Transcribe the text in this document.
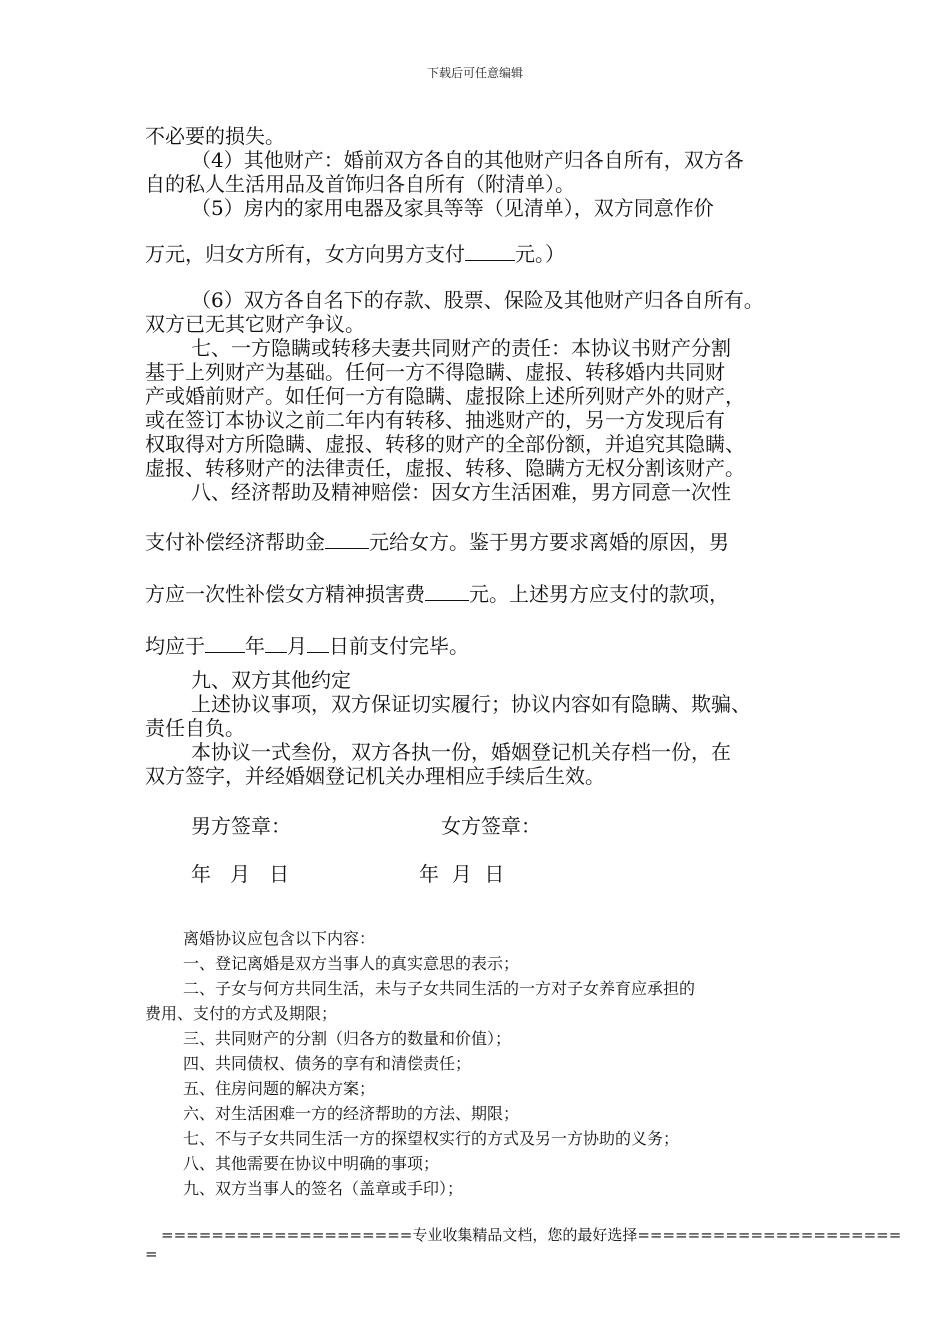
下载后可任意编辑

不必要的损失。

（4）其他财产：婚前双方各自的其他财产归各自所有，双方各

自的私人生活用品及首饰归各自所有（附清单）。

（5）房内的家用电器及家具等等（见清单），双方同意作价

万元，归女方所有，女方向男方支付	元。）

（6）双方各自名下的存款、股票、保险及其他财产归各自所有。

双方已无其它财产争议。

七、一方隐瞒或转移夫妻共同财产的责任：本协议书财产分割

基于上列财产为基础。任何一方不得隐瞒、虚报、转移婚内共同财

产或婚前财产。如任何一方有隐瞒、虚报除上述所列财产外的财产，

或在签订本协议之前二年内有转移、抽逃财产的，另一方发现后有

权取得对方所隐瞒、虚报、转移的财产的全部份额，并追究其隐瞒、

虚报、转移财产的法律责任，虚报、转移、隐瞒方无权分割该财产。

八、经济帮助及精神赔偿：因女方生活困难，男方同意一次性

支付补偿经济帮助金 元给女方。鉴于男方要求离婚的原因，男

方应一次性补偿女方精神损害费 元。上述男方应支付的款项，

均应于 年 月 日前支付完毕。

九、双方其他约定

上述协议事项，双方保证切实履行；协议内容如有隐瞒、欺骗、

责任自负。

本协议一式叁份，双方各执一份，婚姻登记机关存档一份，在

双方签字，并经婚姻登记机关办理相应手续后生效。

男方签章：	女方签章：
年   月   日	年  月  日

离婚协议应包含以下内容：

一、登记离婚是双方当事人的真实意思的表示；

二、子女与何方共同生活，未与子女共同生活的一方对子女养育应承担的

费用、支付的方式及期限；

三、共同财产的分割（归各方的数量和价值）；

四、共同债权、债务的享有和清偿责任；

五、住房问题的解决方案；

六、对生活困难一方的经济帮助的方法、期限；

七、不与子女共同生活一方的探望权实行的方式及另一方协助的义务；

八、其他需要在协议中明确的事项；

九、双方当事人的签名（盖章或手印）；

====================专业收集精品文档，您的最好选择=====================

=
